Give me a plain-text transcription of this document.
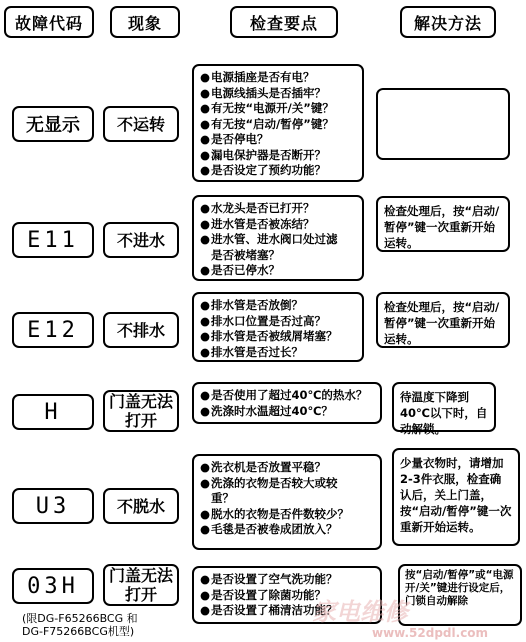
故障代码	现象	检查要点	解决方法
无显示 不运转
●电源插座是否有电？
●电源线插头是否插牢？
●有无按“电源开/关”键？
●有无按“启动/暂停”键？
●是否停电？
●漏电保护器是否断开？
●是否设定了预约功能？
E11 不进水
●水龙头是否已打开？
●进水管是否被冻结？
●进水管、进水阀口处过滤
是否被堵塞？
●是否已停水？
检查处理后，按“启动/暂停”键一次重新开始运转。
E12 不排水
●排水管是否放倒？
●排水口位置是否过高？
●排水管是否被绒屑堵塞？
●排水管是否过长？
检查处理后，按“启动/暂停”键一次重新开始运转。
H	门盖无法打开
●是否使用了超过40℃的热水？
●洗涤时水温超过40℃？
待温度下降到40℃以下时，自动解锁。
U3	不脱水
●洗衣机是否放置平稳？
●洗涤的衣物是否较大或较
重？
●脱水的衣物是否件数较少？
●毛毯是否被卷成团放入？
少量衣物时，请增加2-3件衣服，检查确认后，关上门盖，按“启动/暂停”键一次重新开始运转。
03H 门盖无法打开
●是否设置了空气洗功能？
●是否设置了除菌功能？
●是否设置了桶清洁功能？
按“启动/暂停”或“电源开/关”键进行设定后，门锁自动解除
(限DG-F65266BCG 和
DG-F75266BCG机型)
家电维修
www.52dpdl.com
